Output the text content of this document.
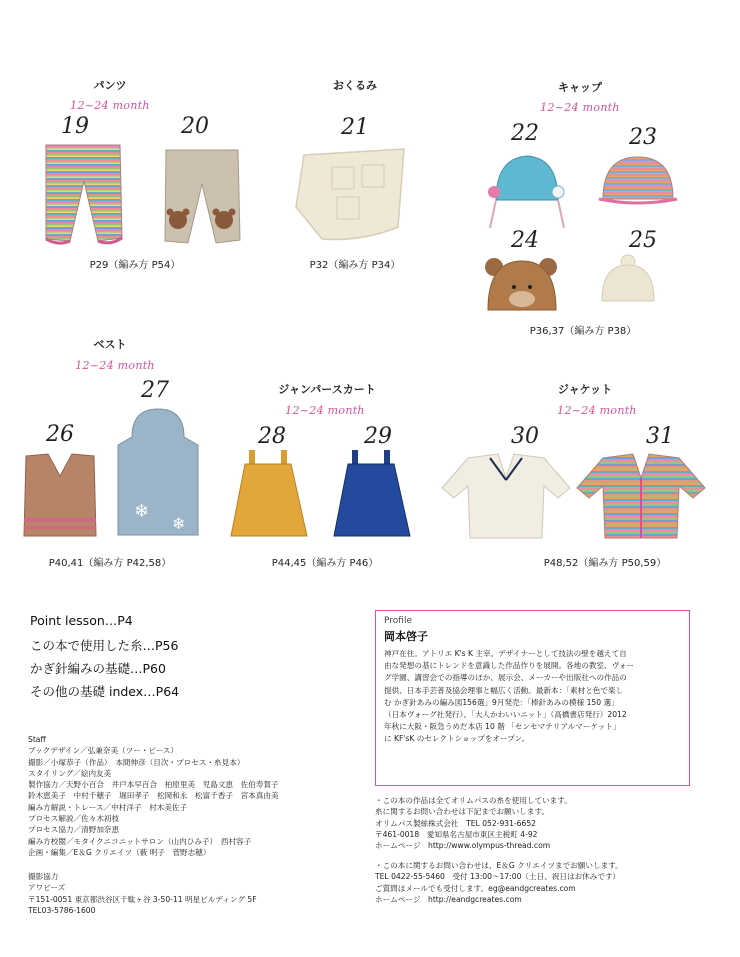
パンツ
12~24 month
19	20
P29（編み方 P54）
おくるみ
21
P32（編み方 P34）
キャップ
12~24 month
22	23
24	25
P36,37（編み方 P38）
ベスト
12~24 month
27
26
❄
❄
P40,41（編み方 P42,58）
ジャンパースカート
12~24 month
28	29
P44,45（編み方 P46）
ジャケット
12~24 month
30	31
P48,52（編み方 P50,59）
Point lesson…P4
この本で使用した糸…P56
かぎ針編みの基礎…P60
その他の基礎 index…P64
Profile
岡本啓子
神戸在住。アトリエ K's K 主宰。デザイナーとして技法の壁を越えて自
由な発想の基にトレンドを意識した作品作りを展開。各地の教室、ヴォー
グ学園、講習会での指導のほか、展示会、メーカーや出版社への作品の
提供、日本手芸普及協会理事と幅広く活動。最新本：「素材と色で楽し
む かぎ針あみの編み図156選」9月発売：「棒針あみの模様 150 選」
（日本ヴォーグ社発行）、「大人かわいいニット」（高橋書店発行）2012
年秋に大阪・阪急うめだ本店 10 階 「センセマテリアルマーケット」
に KF'sK のセレクトショップをオープン。
Staff
ブックデザイン／弘兼奈美（ツー・ピース）
撮影／小塚恭子（作品）　本間伸彦（目次・プロセス・糸見本）
スタイリング／絵内友美
製作協力／天野小百合　井戸本早百合　柏原里美　児島文恵　佐伯寿賀子
鈴木恵美子　中村千穂子　堀田孝子　松岡和永　松富千香子　宮本真由美
編み方解説・トレース／中村洋子　村木美佐子
プロセス解説／佐々木初枝
プロセス協力／清野加奈恵
編み方校閲／モタイクニコニットサロン（山内ひみ子）　西村容子
企画・編集／E＆G クリエイツ（薮 明子　菅野志穂）
撮影協力
アワビーズ
〒151-0051 東京都渋谷区千駄ヶ谷 3-50-11 明星ビルディング 5F
TEL03-5786-1600
・この本の作品は全てオリムパスの糸を使用しています。
糸に関するお問い合わせは下記までお願いします。
オリムパス製絲株式会社　TEL 052-931-6652
〒461-0018　愛知県名古屋市東区主税町 4-92
ホームページ　http://www.olympus-thread.com
・この本に関するお問い合わせは、E＆G クリエイツまでお願いします。
TEL 0422-55-5460　受付 13:00～17:00（土日、祝日はお休みです）
ご質問はメールでも受付します。eg@eandgcreates.com
ホームページ　http://eandgcreates.com
